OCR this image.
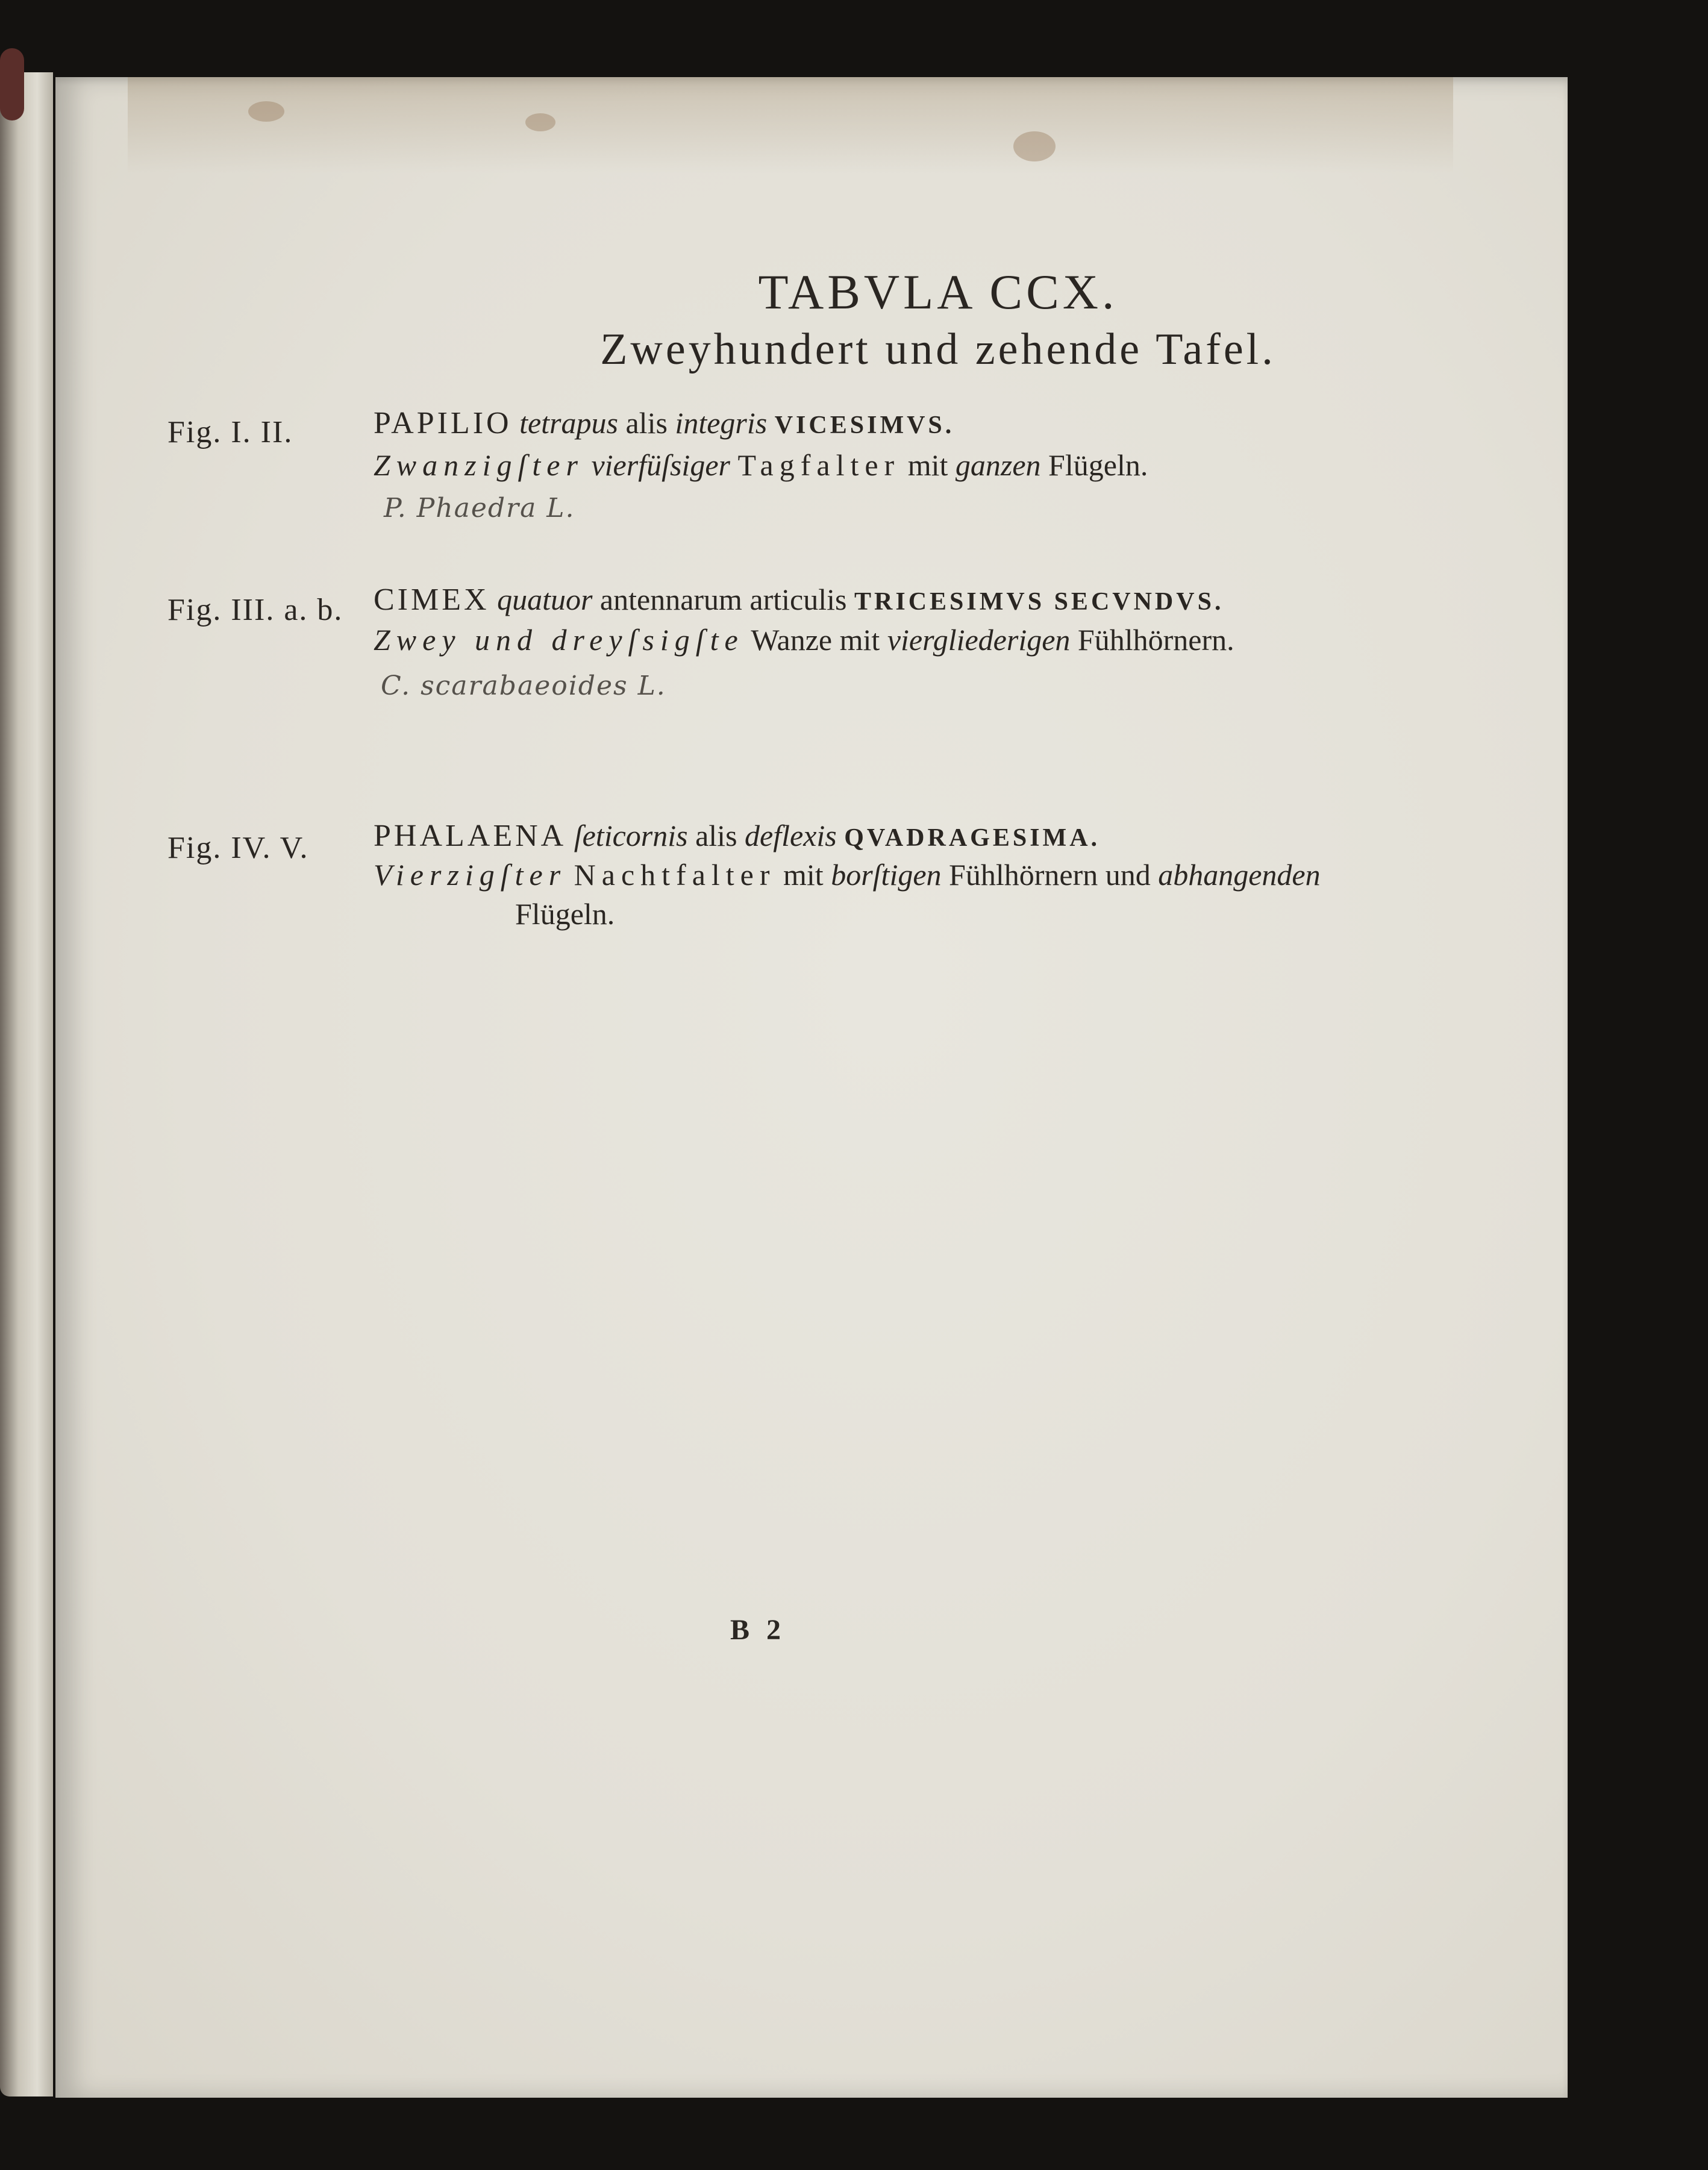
TABVLA CCX.
Zweyhundert und zehende Tafel.
Fig. I. II.	PAPILIO tetrapus alis integris VICESIMVS.
Zwanzigſter vierfüſsiger Tagfalter mit ganzen Flügeln.
P. Phaedra L.
Fig. III. a. b. CIMEX quatuor antennarum articulis TRICESIMVS SECVNDVS.
Zwey und dreyſsigſte Wanze mit viergliederigen Fühlhörnern.
C. scarabaeoides L.
Fig. IV. V. PHALAENA ſeticornis alis deflexis QVADRAGESIMA.
Vierzigſter Nachtfalter mit borſtigen Fühlhörnern und abhangenden
Flügeln.
B 2
